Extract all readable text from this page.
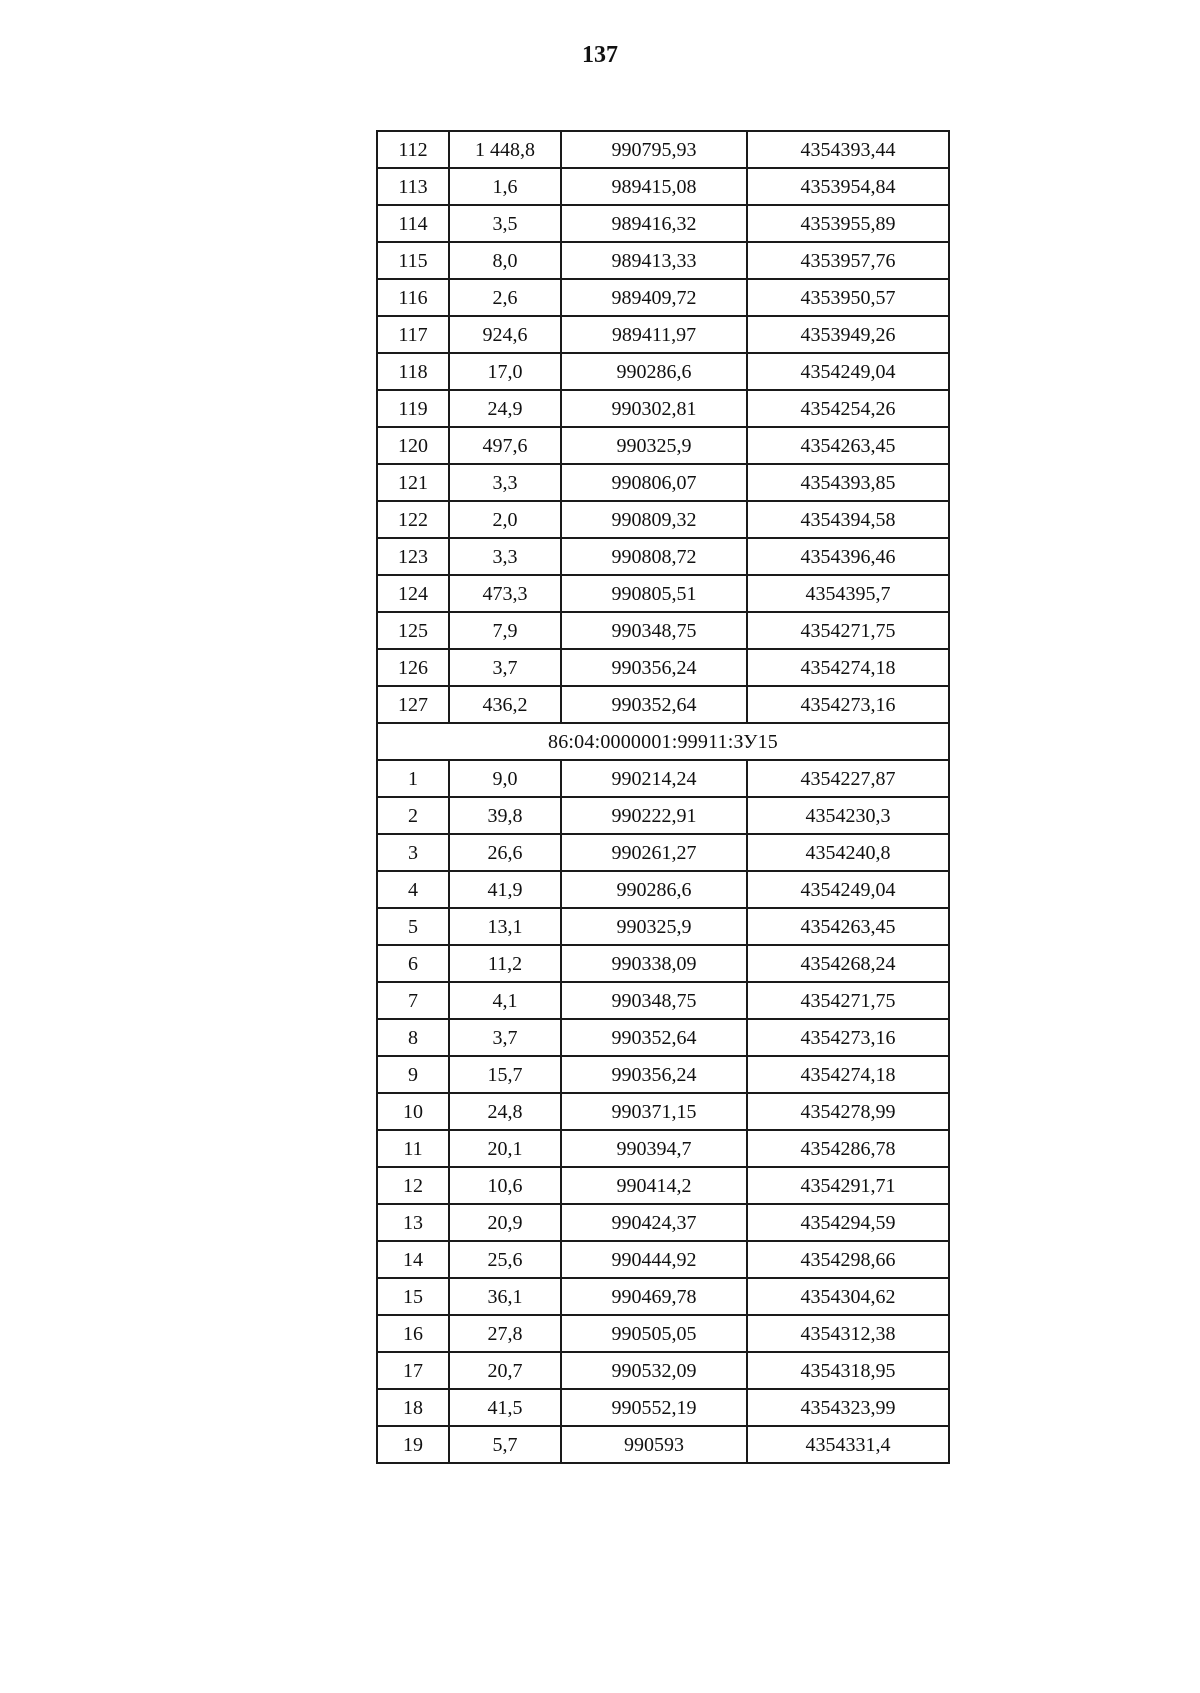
137
112	1 448,8	990795,93	4354393,44
113	1,6	989415,08	4353954,84
114	3,5	989416,32	4353955,89
115	8,0	989413,33	4353957,76
116	2,6	989409,72	4353950,57
117	924,6	989411,97	4353949,26
118	17,0	990286,6	4354249,04
119	24,9	990302,81	4354254,26
120	497,6	990325,9	4354263,45
121	3,3	990806,07	4354393,85
122	2,0	990809,32	4354394,58
123	3,3	990808,72	4354396,46
124	473,3	990805,51	4354395,7
125	7,9	990348,75	4354271,75
126	3,7	990356,24	4354274,18
127	436,2	990352,64	4354273,16
86:04:0000001:99911:ЗУ15			
1	9,0	990214,24	4354227,87
2	39,8	990222,91	4354230,3
3	26,6	990261,27	4354240,8
4	41,9	990286,6	4354249,04
5	13,1	990325,9	4354263,45
6	11,2	990338,09	4354268,24
7	4,1	990348,75	4354271,75
8	3,7	990352,64	4354273,16
9	15,7	990356,24	4354274,18
10	24,8	990371,15	4354278,99
11	20,1	990394,7	4354286,78
12	10,6	990414,2	4354291,71
13	20,9	990424,37	4354294,59
14	25,6	990444,92	4354298,66
15	36,1	990469,78	4354304,62
16	27,8	990505,05	4354312,38
17	20,7	990532,09	4354318,95
18	41,5	990552,19	4354323,99
19	5,7	990593	4354331,4
